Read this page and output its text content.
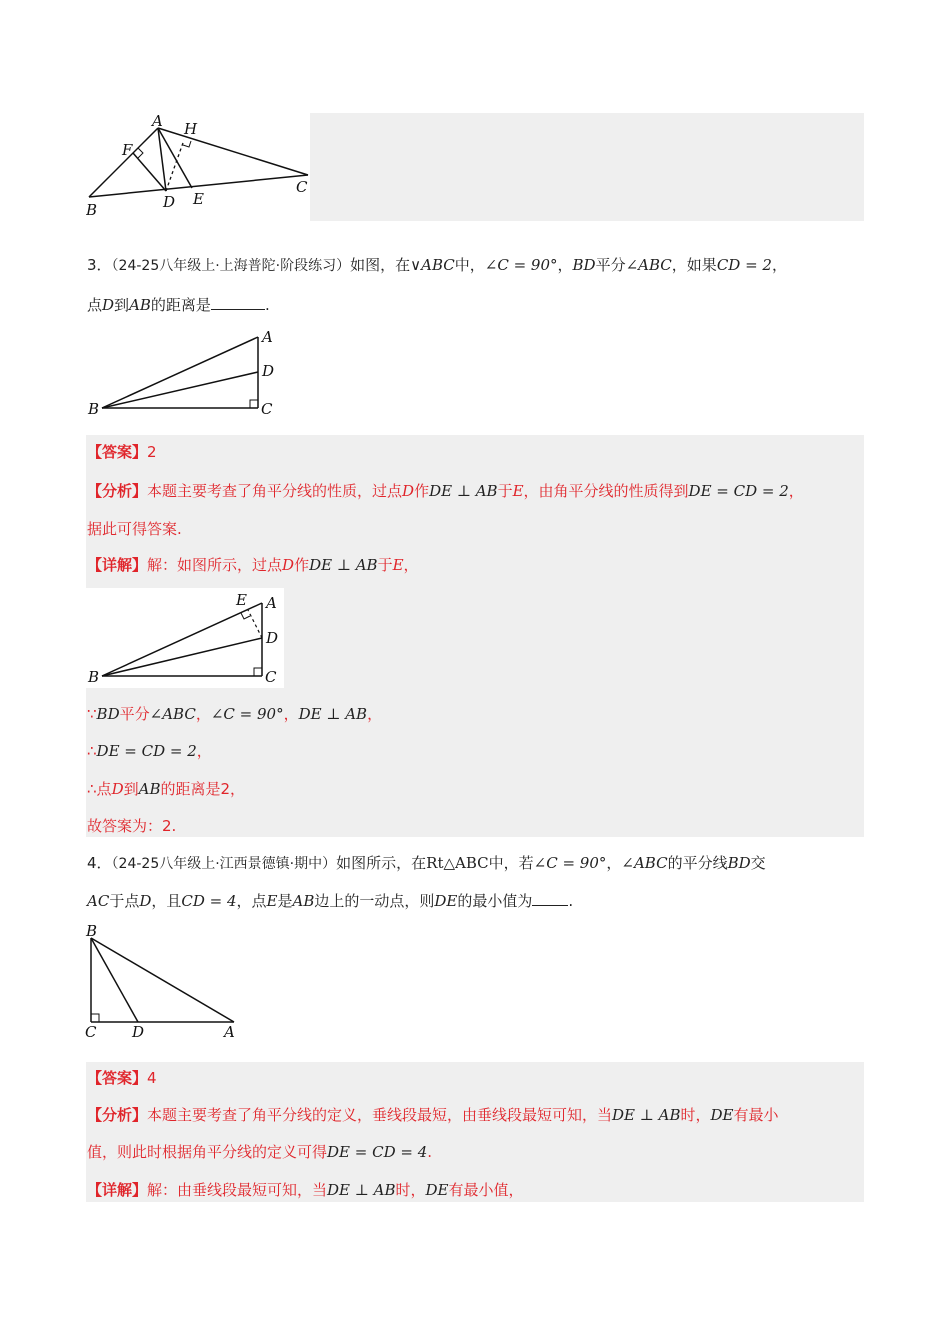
A H
F
B	D E
C
3．（24-25八年级上·上海普陀·阶段练习）如图，在∨ABC中，∠C = 90°，BD平分∠ABC，如果CD = 2，
点D到AB的距离是	.
A
D
B	C
【答案】2
【分析】本题主要考查了角平分线的性质，过点D作DE ⊥ AB于E，由角平分线的性质得到DE = CD = 2，
据此可得答案.
【详解】解：如图所示，过点D作DE ⊥ AB于E，
E A
D
B	C
∵BD平分∠ABC，∠C = 90°，DE ⊥ AB，
∴DE = CD = 2，
∴点D到AB的距离是2，
故答案为：2.
4．（24-25八年级上·江西景德镇·期中）如图所示，在Rt△ABC中，若∠C = 90°，∠ABC的平分线BD交
AC于点D，且CD = 4，点E是AB边上的一动点，则DE的最小值为 .
B
C D	A
【答案】4
【分析】本题主要考查了角平分线的定义，垂线段最短，由垂线段最短可知，当DE ⊥ AB时，DE有最小
值，则此时根据角平分线的定义可得DE = CD = 4.
【详解】解：由垂线段最短可知，当DE ⊥ AB时，DE有最小值，
